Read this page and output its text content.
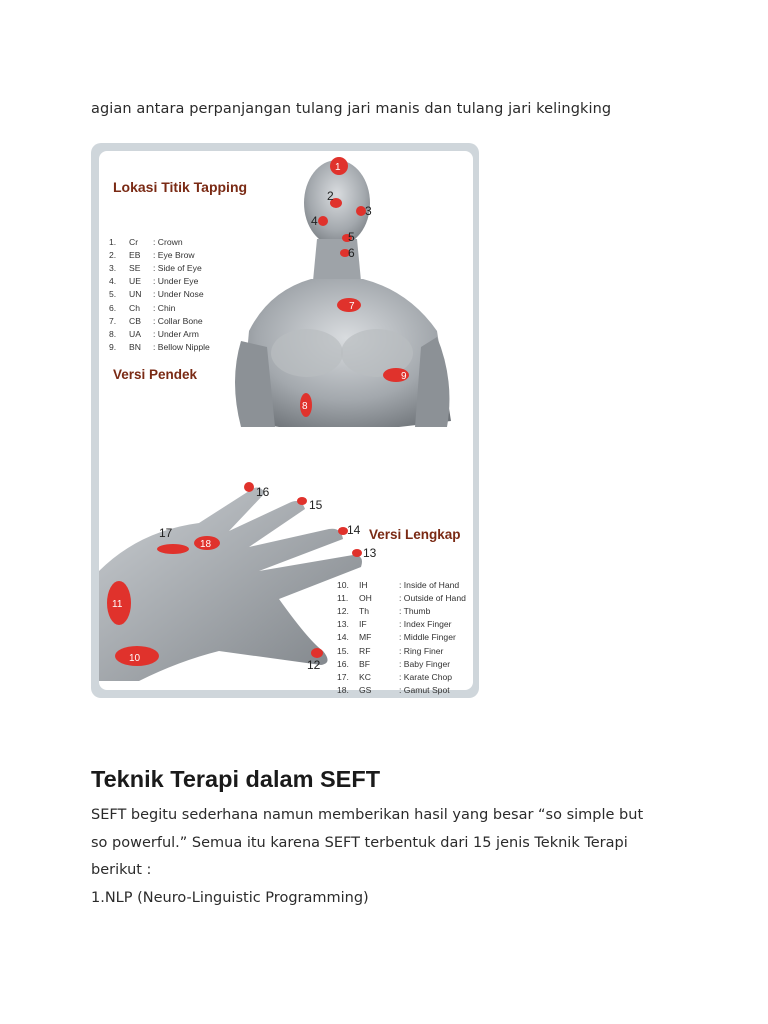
agian antara perpanjangan tulang jari manis dan tulang jari kelingking
1
2
3
4
5
6
7
8
9
10
11
12
13
14
15
16
17
18
Lokasi Titik Tapping
1.	Cr	: Crown
2.	EB	: Eye Brow
3.	SE	: Side of Eye
4.	UE	: Under Eye
5.	UN	: Under Nose
6.	Ch	: Chin
7.	CB	: Collar Bone
8.	UA	: Under Arm
9.	BN	: Bellow Nipple
Versi Pendek
Versi Lengkap
10.	IH	: Inside of Hand
11.	OH	: Outside of Hand
12.	Th	: Thumb
13.	IF	: Index Finger
14.	MF	: Middle Finger
15.	RF	: Ring Finer
16.	BF	: Baby Finger
17.	KC	: Karate Chop
18.	GS	: Gamut Spot
Teknik Terapi dalam SEFT

SEFT begitu sederhana namun memberikan hasil yang besar “so simple but

so powerful.” Semua itu karena SEFT terbentuk dari 15 jenis Teknik Terapi

berikut :

1.NLP (Neuro-Linguistic Programming)
